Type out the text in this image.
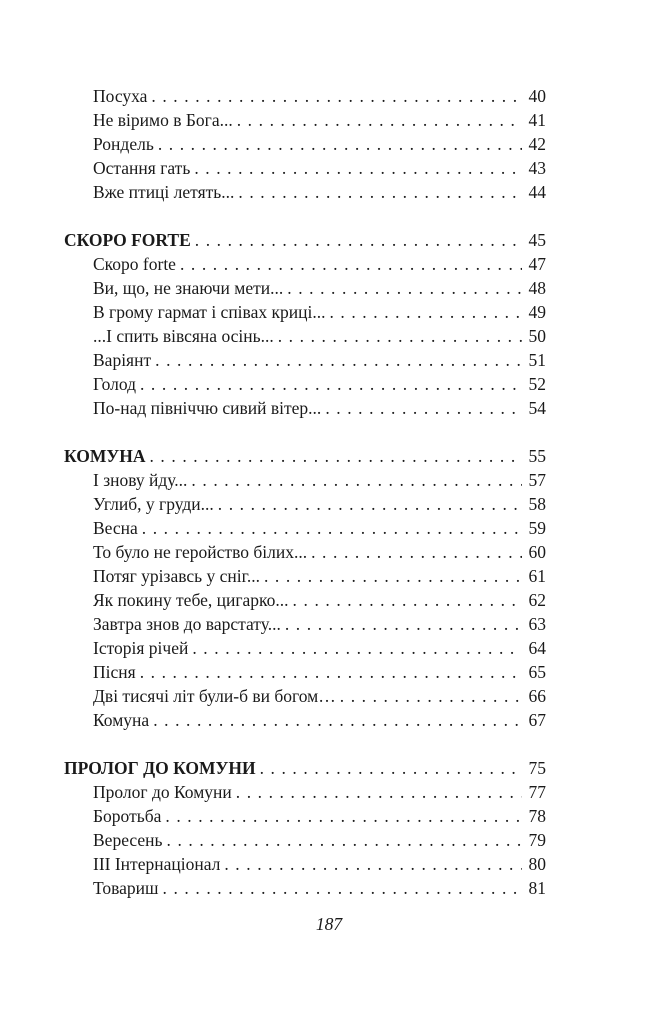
Посуха . . .	40
Не віримо в Бога... . . .	41
Рондель . . .	42
Остання гать . . .	43
Вже птиці летять... . . .	44
СКОРО FORTE . . .	45
Скоро forte . . .	47
Ви, що, не знаючи мети... . . .	48
В грому гармат і співах криці... . . .	49
...І спить вівсяна осінь... . . .	50
Варіянт . . .	51
Голод . . .	52
По-над північчю сивий вітер... . . .	54
КОМУНА . . .	55
І знову йду... . . .	57
Углиб, у груди... . . .	58
Весна . . .	59
То було не геройство білих... . . .	60
Потяг урізавсь у сніг... . . .	61
Як покину тебе, цигарко... . . .	62
Завтра знов до варстату... . . .	63
Історія річей . . .	64
Пісня . . .	65
Дві тисячі літ були-б ви богом… . . .	66
Комуна . . .	67
ПРОЛОГ ДО КОМУНИ . . .	75
Пролог до Комуни . . .	77
Боротьба . . .	78
Вересень . . .	79
ІІІ Інтернаціонал . . .	80
Товариш . . .	81
187
